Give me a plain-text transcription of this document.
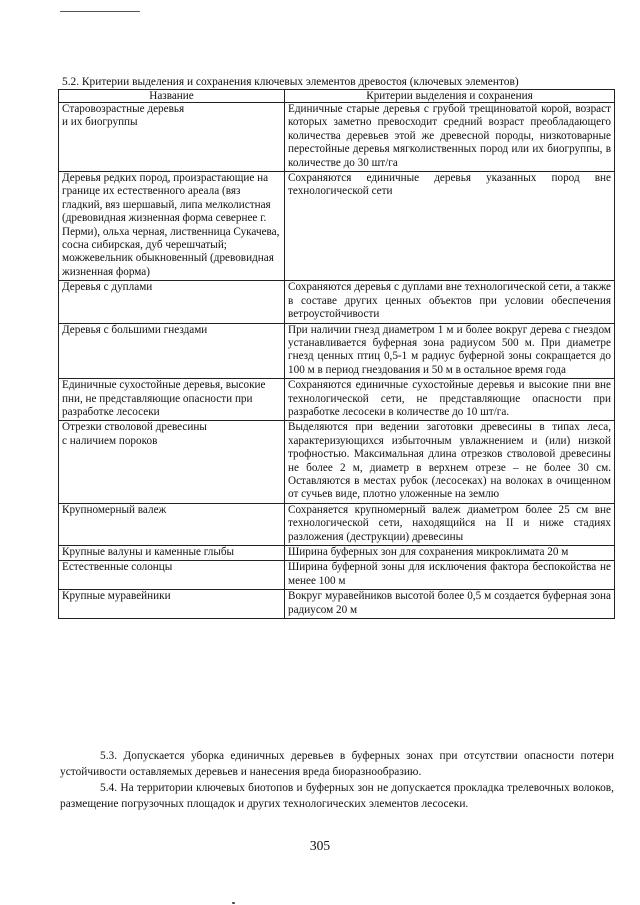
5.2. Критерии выделения и сохранения ключевых элементов древостоя (ключевых элементов)
Название	Критерии выделения и сохранения
Старовозрастные деревья
и их биогруппы	Единичные старые деревья с грубой трещиноватой корой, возраст которых заметно превосходит средний возраст преобладающего количества деревьев этой же древесной породы, низкотоварные перестойные деревья мягколиственных пород или их биогруппы, в количестве до 30 шт/га
Деревья редких пород, произрастающие на границе их естественного ареала (вяз гладкий, вяз шершавый, липа мелколистная (древовидная жизненная форма севернее г. Перми), ольха черная, лиственница Сукачева, сосна сибирская, дуб черешчатый; можжевельник обыкновенный (древовидная жизненная форма)	Сохраняются единичные деревья указанных пород вне технологической сети
Деревья с дуплами	Сохраняются деревья с дуплами вне технологической сети, а также в составе других ценных объектов при условии обеспечения ветроустойчивости
Деревья с большими гнездами	При наличии гнезд диаметром 1 м и более вокруг дерева с гнездом устанавливается буферная зона радиусом 500 м. При диаметре гнезд ценных птиц 0,5-1 м радиус буферной зоны сокращается до 100 м в период гнездования и 50 м в остальное время года
Единичные сухостойные деревья, высокие пни, не представляющие опасности при разработке лесосеки	Сохраняются единичные сухостойные деревья и высокие пни вне технологической сети, не представляющие опасности при разработке лесосеки в количестве до 10 шт/га.
Отрезки стволовой древесины
с наличием пороков	Выделяются при ведении заготовки древесины в типах леса, характеризующихся избыточным увлажнением и (или) низкой трофностью. Максимальная длина отрезков стволовой древесины не более 2 м, диаметр в верхнем отрезе – не более 30 см. Оставляются в местах рубок (лесосеках) на волоках в очищенном от сучьев виде, плотно уложенные на землю
Крупномерный валеж	Сохраняется крупномерный валеж диаметром более 25 см вне технологической сети, находящийся на II и ниже стадиях разложения (деструкции) древесины
Крупные валуны и каменные глыбы	Ширина буферных зон для сохранения микроклимата 20 м
Естественные солонцы	Ширина буферной зоны для исключения фактора беспокойства не менее 100 м
Крупные муравейники	Вокруг муравейников высотой более 0,5 м создается буферная зона радиусом 20 м

5.3. Допускается уборка единичных деревьев в буферных зонах при отсутствии опасности потери устойчивости оставляемых деревьев и нанесения вреда биоразнообразию.

5.4. На территории ключевых биотопов и буферных зон не допускается прокладка трелевочных волоков, размещение погрузочных площадок и других технологических элементов лесосеки.

305
